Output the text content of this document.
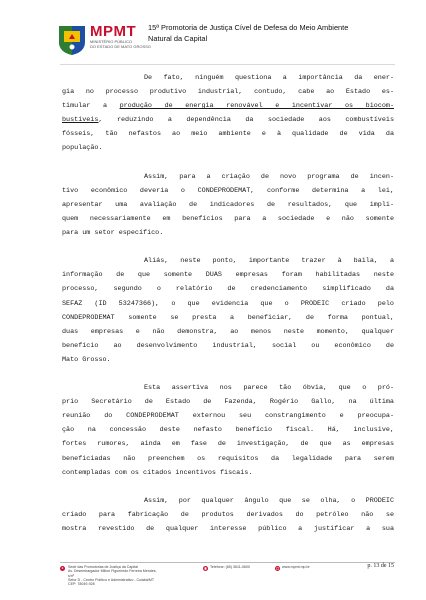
MPMT
MINISTÉRIO PÚBLICO
DO ESTADO DE MATO GROSSO
15ª Promotoria de Justiça Cível de Defesa do Meio Ambiente
Natural da Capital
De fato, ninguém questiona a importância da ener-
gia no processo produtivo industrial, contudo, cabe ao Estado es-
timular a produção de energia renovável e incentivar os biocom-
bustíveis, reduzindo a dependência da sociedade aos combustíveis
fósseis, tão nefastos ao meio ambiente e à qualidade de vida da
população.
Assim, para a criação de novo programa de incen-
tivo econômico deveria o CONDEPRODEMAT, conforme determina a lei,
apresentar uma avaliação de indicadores de resultados, que impli-
quem necessariamente em benefícios para a sociedade e não somente
para um setor específico.
Aliás, neste ponto, importante trazer à baila, a
informação de que somente DUAS empresas foram habilitadas neste
processo, segundo o relatório de credenciamento simplificado da
SEFAZ (ID 53247366), o que evidencia que o PRODEIC criado pelo
CONDEPRODEMAT somente se presta a beneficiar, de forma pontual,
duas empresas e não demonstra, ao menos neste momento, qualquer
benefício ao desenvolvimento industrial, social ou econômico de
Mato Grosso.
Esta assertiva nos parece tão óbvia, que o pró-
prio Secretário de Estado de Fazenda, Rogério Gallo, na última
reunião do CONDEPRODEMAT externou seu constrangimento e preocupa-
ção na concessão deste nefasto benefício fiscal. Há, inclusive,
fortes rumores, ainda em fase de investigação, de que as empresas
beneficiadas não preenchem os requisitos da legalidade para serem
contempladas com os citados incentivos fiscais.
Assim, por qualquer ângulo que se olha, o PRODEIC
criado para fabricação de produtos derivados do petróleo não se
mostra revestido de qualquer interesse público a justificar a sua
Sede das Promotorias de Justiça da Capital
Av. Desembargador Milton Figueiredo Ferreira Mendes, s/nº
Setor D - Centro Político e Administrativo - Cuiabá/MT
CEP: 78049-928
Telefone: (65) 3611-0600	www.mpmt.mp.br	p. 13 de 15
